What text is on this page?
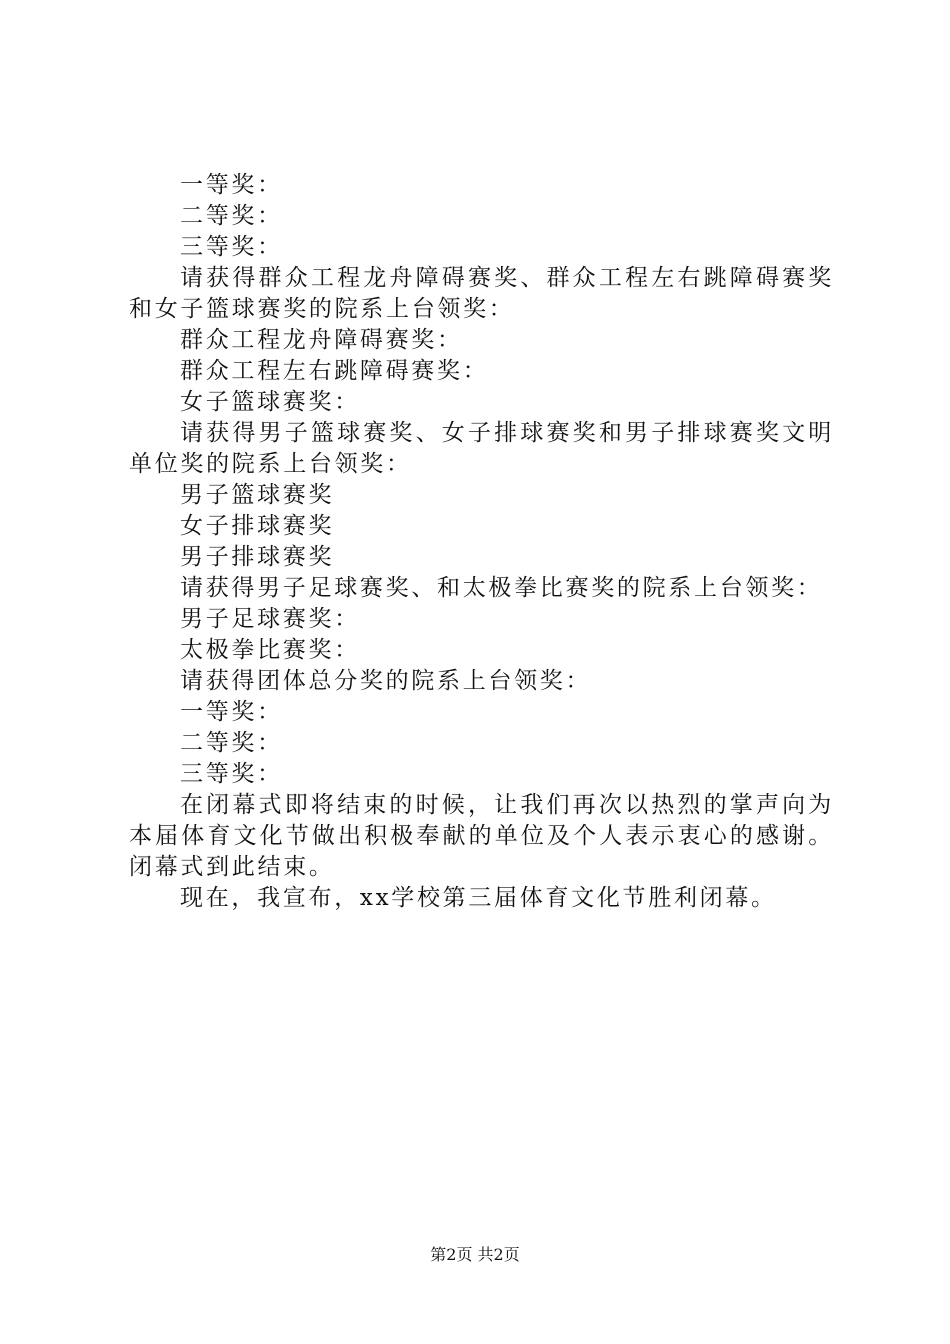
一等奖：

二等奖：

三等奖：

请获得群众工程龙舟障碍赛奖、群众工程左右跳障碍赛奖和女子篮球赛奖的院系上台领奖：

群众工程龙舟障碍赛奖：

群众工程左右跳障碍赛奖：

女子篮球赛奖：

请获得男子篮球赛奖、女子排球赛奖和男子排球赛奖文明单位奖的院系上台领奖：

男子篮球赛奖

女子排球赛奖

男子排球赛奖

请获得男子足球赛奖、和太极拳比赛奖的院系上台领奖：

男子足球赛奖：

太极拳比赛奖：

请获得团体总分奖的院系上台领奖：

一等奖：

二等奖：

三等奖：

在闭幕式即将结束的时候，让我们再次以热烈的掌声向为本届体育文化节做出积极奉献的单位及个人表示衷心的感谢。闭幕式到此结束。

现在，我宣布，xx学校第三届体育文化节胜利闭幕。

第2页 共2页
